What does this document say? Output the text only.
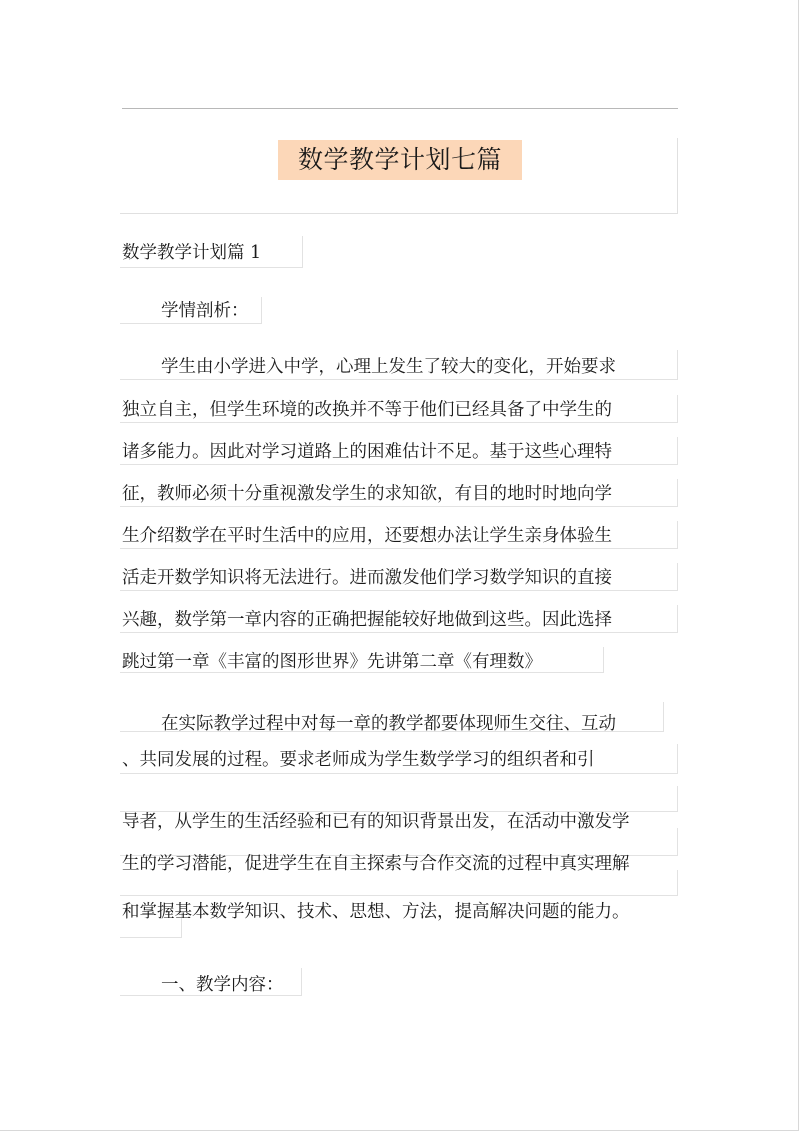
数学教学计划七篇
数学教学计划篇 1
学情剖析：
学生由小学进入中学，心理上发生了较大的变化，开始要求
独立自主，但学生环境的改换并不等于他们已经具备了中学生的
诸多能力。因此对学习道路上的困难估计不足。基于这些心理特
征，教师必须十分重视激发学生的求知欲，有目的地时时地向学
生介绍数学在平时生活中的应用，还要想办法让学生亲身体验生
活走开数学知识将无法进行。进而激发他们学习数学知识的直接
兴趣，数学第一章内容的正确把握能较好地做到这些。因此选择
跳过第一章《丰富的图形世界》先讲第二章《有理数》
在实际教学过程中对每一章的教学都要体现师生交往、互动
、共同发展的过程。要求老师成为学生数学学习的组织者和引
导者，从学生的生活经验和已有的知识背景出发，在活动中激发学
生的学习潜能，促进学生在自主探索与合作交流的过程中真实理解
和掌握基本数学知识、技术、思想、方法，提高解决问题的能力。
一、教学内容：
